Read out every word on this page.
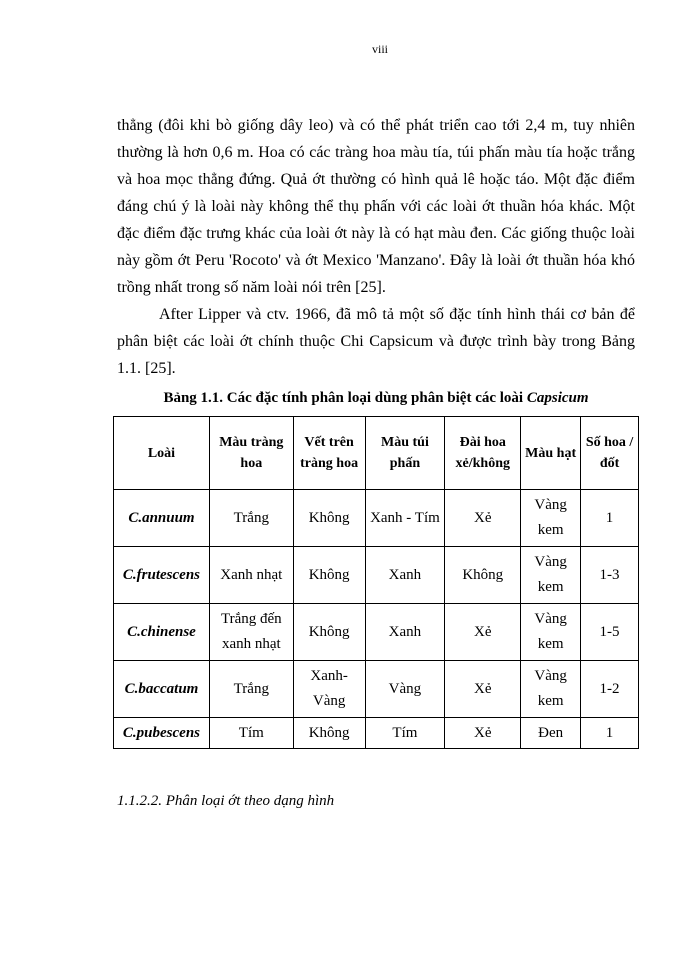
viii

thẳng (đôi khi bò giống dây leo) và có thể phát triển cao tới 2,4 m, tuy nhiên thường là hơn 0,6 m. Hoa có các tràng hoa màu tía, túi phấn màu tía hoặc trắng và hoa mọc thẳng đứng. Quả ớt thường có hình quả lê hoặc táo. Một đặc điểm đáng chú ý là loài này không thể thụ phấn với các loài ớt thuần hóa khác. Một đặc điểm đặc trưng khác của loài ớt này là có hạt màu đen. Các giống thuộc loài này gồm ớt Peru 'Rocoto' và ớt Mexico 'Manzano'. Đây là loài ớt thuần hóa khó trồng nhất trong số năm loài nói trên [25].

After Lipper và ctv. 1966, đã mô tả một số đặc tính hình thái cơ bản để phân biệt các loài ớt chính thuộc Chi Capsicum và được trình bày trong Bảng 1.1. [25].

Bảng 1.1. Các đặc tính phân loại dùng phân biệt các loài Capsicum
Loài	Màu tràng hoa	Vết trên tràng hoa	Màu túi phấn	Đài hoa xẻ/không	Màu hạt	Số hoa /đốt
C.annuum	Trắng	Không	Xanh - Tím	Xẻ	Vàng kem	1
C.frutescens	Xanh nhạt	Không	Xanh	Không	Vàng kem	1-3
C.chinense	Trắng đến xanh nhạt	Không	Xanh	Xẻ	Vàng kem	1-5
C.baccatum	Trắng	Xanh- Vàng	Vàng	Xẻ	Vàng kem	1-2
C.pubescens	Tím	Không	Tím	Xẻ	Đen	1
1.1.2.2. Phân loại ớt theo dạng hình
